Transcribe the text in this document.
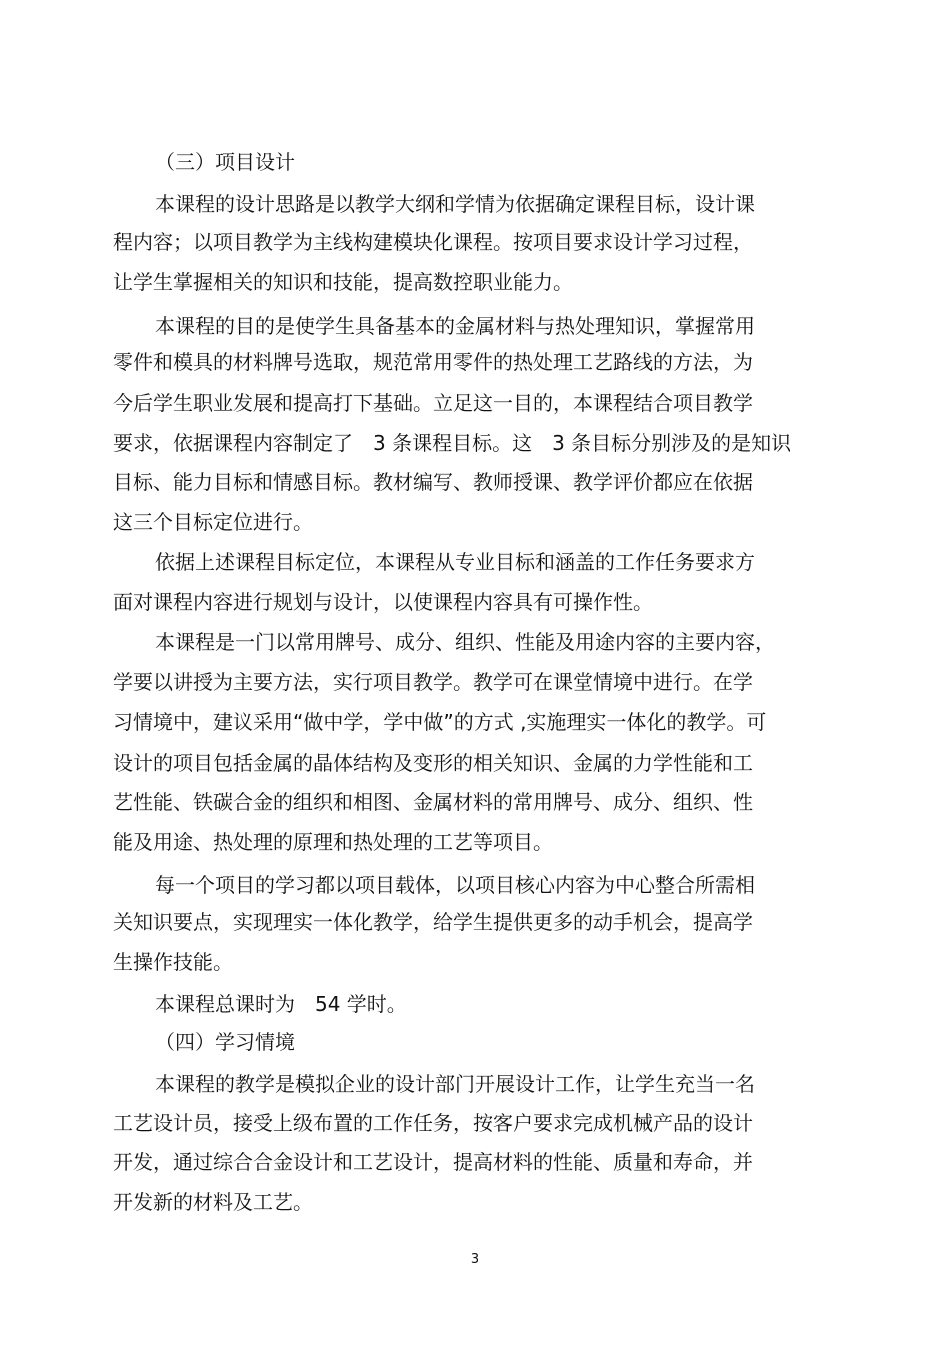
（三）项目设计
本课程的设计思路是以教学大纲和学情为依据确定课程目标，设计课
程内容；以项目教学为主线构建模块化课程。按项目要求设计学习过程，
让学生掌握相关的知识和技能，提高数控职业能力。
本课程的目的是使学生具备基本的金属材料与热处理知识，掌握常用
零件和模具的材料牌号选取，规范常用零件的热处理工艺路线的方法，为
今后学生职业发展和提高打下基础。立足这一目的，本课程结合项目教学
要求，依据课程内容制定了　3 条课程目标。这　3 条目标分别涉及的是知识
目标、能力目标和情感目标。教材编写、教师授课、教学评价都应在依据
这三个目标定位进行。
依据上述课程目标定位，本课程从专业目标和涵盖的工作任务要求方
面对课程内容进行规划与设计，以使课程内容具有可操作性。
本课程是一门以常用牌号、成分、组织、性能及用途内容的主要内容，
学要以讲授为主要方法，实行项目教学。教学可在课堂情境中进行。在学
习情境中，建议采用“做中学，学中做”的方式 ,实施理实一体化的教学。可
设计的项目包括金属的晶体结构及变形的相关知识、金属的力学性能和工
艺性能、铁碳合金的组织和相图、金属材料的常用牌号、成分、组织、性
能及用途、热处理的原理和热处理的工艺等项目。
每一个项目的学习都以项目载体，以项目核心内容为中心整合所需相
关知识要点，实现理实一体化教学，给学生提供更多的动手机会，提高学
生操作技能。
本课程总课时为　54 学时。
（四）学习情境
本课程的教学是模拟企业的设计部门开展设计工作，让学生充当一名
工艺设计员，接受上级布置的工作任务，按客户要求完成机械产品的设计
开发，通过综合合金设计和工艺设计，提高材料的性能、质量和寿命，并
开发新的材料及工艺。
3
